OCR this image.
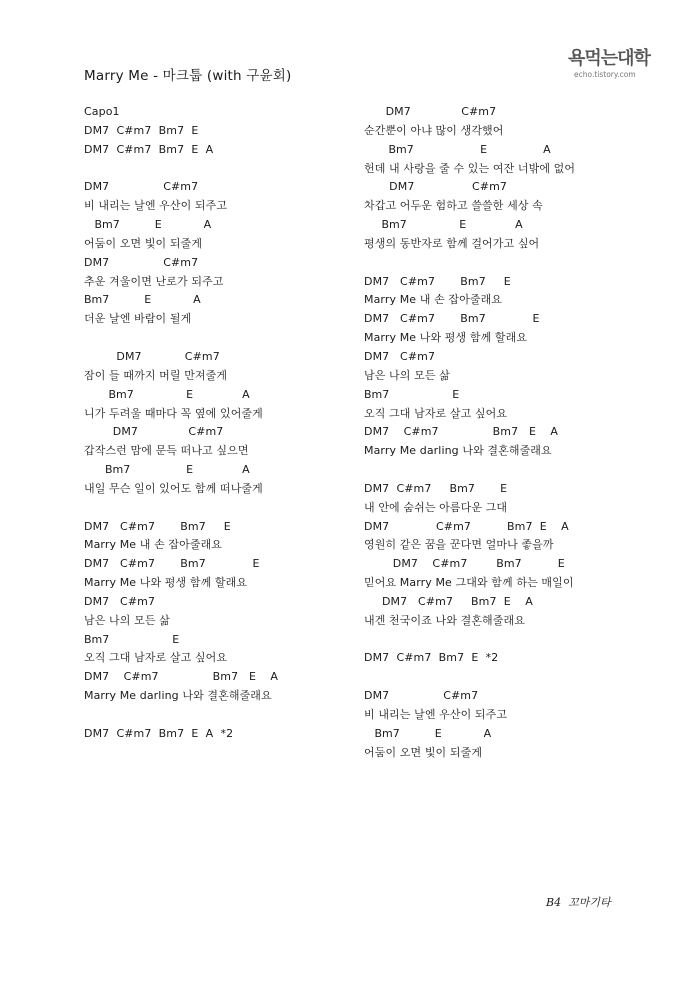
Marry Me - 마크툽 (with 구윤회)
욕먹는대학
echo.tistory.com
Capo1
DM7  C#m7  Bm7  E
DM7  C#m7  Bm7  E  A
DM7               C#m7
비 내리는 날엔 우산이 되주고
Bm7          E            A
어둠이 오면 빛이 되줄게
DM7               C#m7
추운 겨울이면 난로가 되주고
Bm7          E            A
더운 날엔 바람이 될게
DM7            C#m7
잠이 들 때까지 머릴 만져줄게
Bm7               E              A
니가 두려울 때마다 꼭 옆에 있어줄게
DM7              C#m7
갑작스런 맘에 문득 떠나고 싶으면
Bm7                E              A
내일 무슨 일이 있어도 함께 떠나줄게
DM7   C#m7       Bm7     E
Marry Me 내 손 잡아줄래요
DM7   C#m7       Bm7             E
Marry Me 나와 평생 함께 할래요
DM7   C#m7
남은 나의 모든 삶
Bm7                  E
오직 그대 남자로 살고 싶어요
DM7    C#m7               Bm7   E    A
Marry Me darling 나와 결혼해줄래요
DM7  C#m7  Bm7  E  A  *2
DM7              C#m7
순간뿐이 아냐 많이 생각했어
Bm7                   E                A
헌데 내 사랑을 줄 수 있는 여잔 너밖에 없어
DM7                C#m7
차갑고 어두운 험하고 쓸쓸한 세상 속
Bm7               E              A
평생의 동반자로 함께 걸어가고 싶어
DM7   C#m7       Bm7     E
Marry Me 내 손 잡아줄래요
DM7   C#m7       Bm7             E
Marry Me 나와 평생 함께 할래요
DM7   C#m7
남은 나의 모든 삶
Bm7                  E
오직 그대 남자로 살고 싶어요
DM7    C#m7               Bm7   E    A
Marry Me darling 나와 결혼해줄래요
DM7  C#m7     Bm7       E
내 안에 숨쉬는 아름다운 그대
DM7             C#m7          Bm7  E    A
영원히 같은 꿈을 꾼다면 얼마나 좋을까
DM7    C#m7        Bm7          E
믿어요 Marry Me 그대와 함께 하는 매일이
DM7   C#m7     Bm7  E    A
내겐 천국이죠 나와 결혼해줄래요
DM7  C#m7  Bm7  E  *2
DM7               C#m7
비 내리는 날엔 우산이 되주고
Bm7          E            A
어둠이 오면 빛이 되줄게
B4  꼬마기타
